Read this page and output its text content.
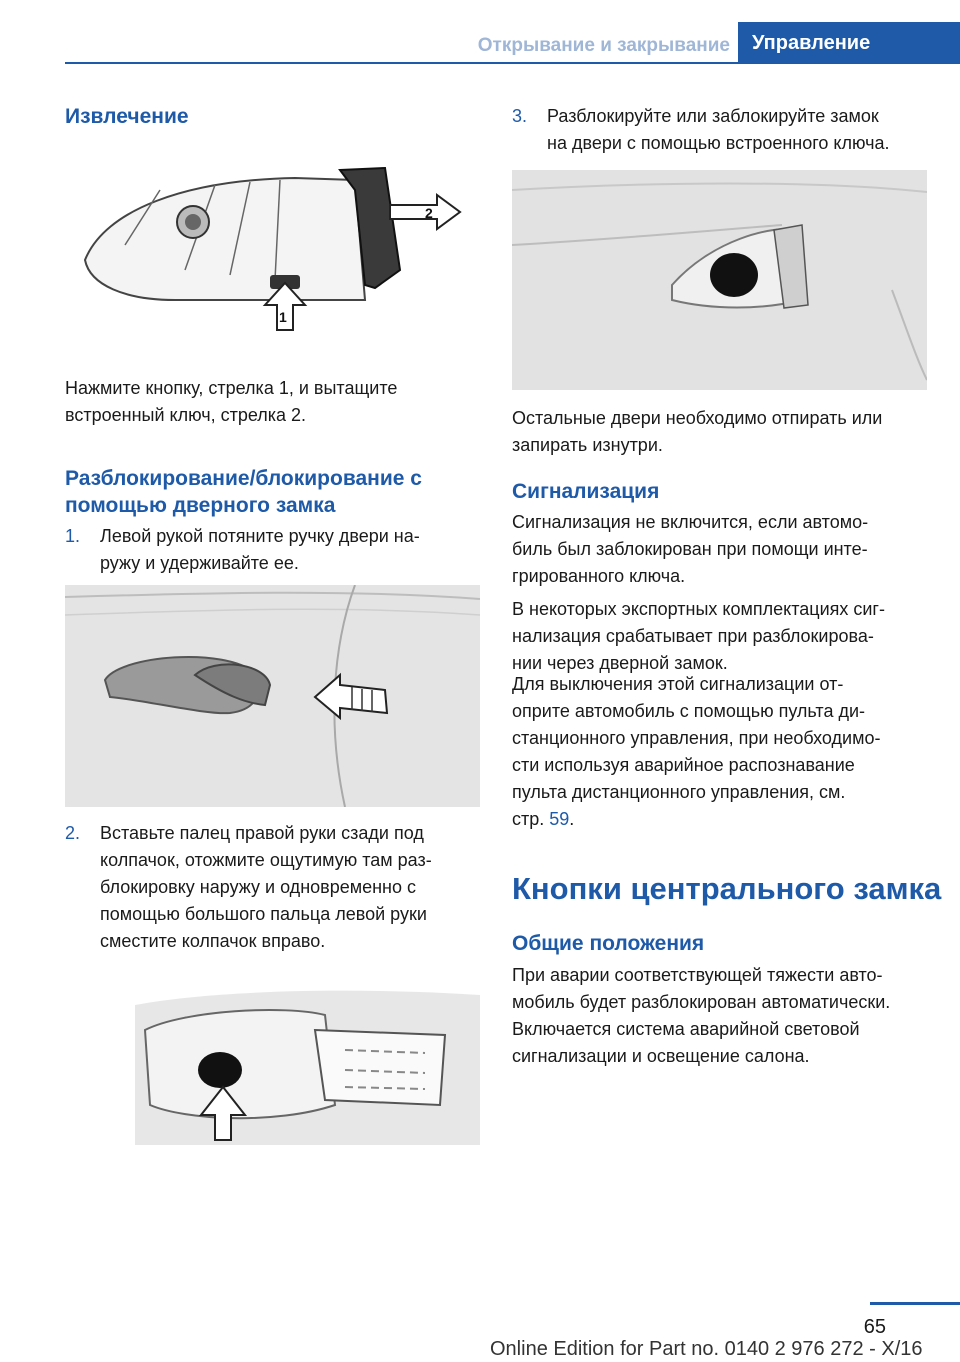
Открывание и закрывание	Управление
Извлечение
2
1
Нажмите кнопку, стрелка 1, и вытащите
встроенный ключ, стрелка 2.
Разблокирование/блокирование с
помощью дверного замка
1. Левой рукой потяните ручку двери на-
ружу и удерживайте ее.
2. Вставьте палец правой руки сзади под
колпачок, отожмите ощутимую там раз-
блокировку наружу и одновременно с
помощью большого пальца левой руки
сместите колпачок вправо.
3. Разблокируйте или заблокируйте замок
на двери с помощью встроенного ключа.
Остальные двери необходимо отпирать или
запирать изнутри.
Сигнализация
Сигнализация не включится, если автомо-
биль был заблокирован при помощи инте-
грированного ключа.
В некоторых экспортных комплектациях сиг-
нализация срабатывает при разблокирова-
нии через дверной замок.
Для выключения этой сигнализации от-
оприте автомобиль с помощью пульта ди-
станционного управления, при необходимо-
сти используя аварийное распознавание
пульта дистанционного управления, см.
стр. 59.
Кнопки центрального замка
Общие положения
При аварии соответствующей тяжести авто-
мобиль будет разблокирован автоматически.
Включается система аварийной световой
сигнализации и освещение салона.
65
Online Edition for Part no. 0140 2 976 272 - X/16
